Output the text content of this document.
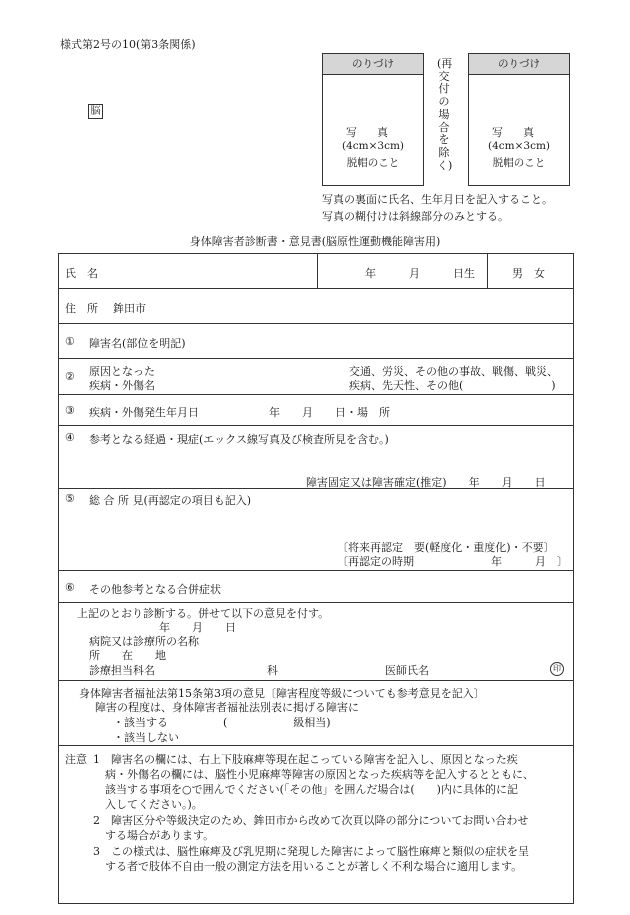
様式第2号の10(第3条関係)
脳
のりづけ
写真
(4cm×3cm)
脱帽のこと
(再交付の場合を除く)
のりづけ
写真
(4cm×3cm)
脱帽のこと
写真の裏面に氏名、生年月日を記入すること。
写真の糊付けは斜線部分のみとする。
身体障害者診断書・意見書(脳原性運動機能障害用)
氏　名	年　　　月　　　日生	男　女
住　所 鉾田市
① 障害名(部位を明記)
② 原因となった
疾病・外傷名
交通、労災、その他の事故、戦傷、戦災、
疾病、先天性、その他(　　　　　　　　)
③ 疾病・外傷発生年月日	年　　月　　日・場　所
④ 参考となる経過・現症(エックス線写真及び検査所見を含む。)
障害固定又は障害確定(推定)　　年　　月　　日
⑤ 総 合 所 見(再認定の項目も記入)
〔将来再認定　要(軽度化・重度化)・不要〕
〔再認定の時期　　　　　　　年　　　月　〕
⑥ その他参考となる合併症状
上記のとおり診断する。併せて以下の意見を付す。
年　　月　　日
病院又は診療所の名称
所　　在　　地
診療担当科名	科	医師氏名	印
身体障害者福祉法第15条第3項の意見〔障害程度等級についても参考意見を記入〕
障害の程度は、身体障害者福祉法別表に掲げる障害に
・該当する　　　　　(　　　　　　級相当)
・該当しない
注意 1　障害名の欄には、右上下肢麻痺等現在起こっている障害を記入し、原因となった疾
病・外傷名の欄には、脳性小児麻痺等障害の原因となった疾病等を記入するとともに、
該当する事項を○で囲んでください(「その他」を囲んだ場合は(　　)内に具体的に記
入してください。)。
2　障害区分や等級決定のため、鉾田市から改めて次頁以降の部分についてお問い合わせ
する場合があります。
3　この様式は、脳性麻痺及び乳児期に発現した障害によって脳性麻痺と類似の症状を呈
する者で肢体不自由一般の測定方法を用いることが著しく不利な場合に適用します。
